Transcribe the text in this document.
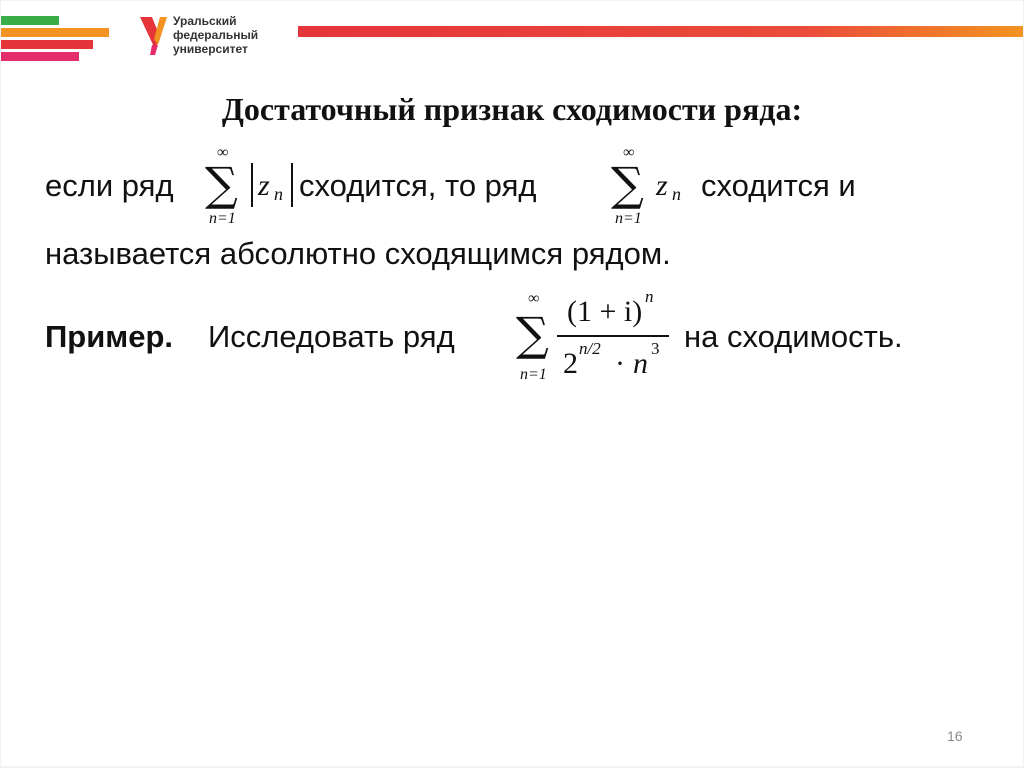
Уральский
федеральный
университет
Достаточный признак сходимости ряда:
если ряд
∞
∑
n=1
z n сходится, то ряд
∞
∑
n=1
z n сходится и
называется абсолютно сходящимся рядом.
Пример. Исследовать ряд
∞
∑
n=1
(1 + i) n
2 n/2 · n 3 на сходимость.
16
